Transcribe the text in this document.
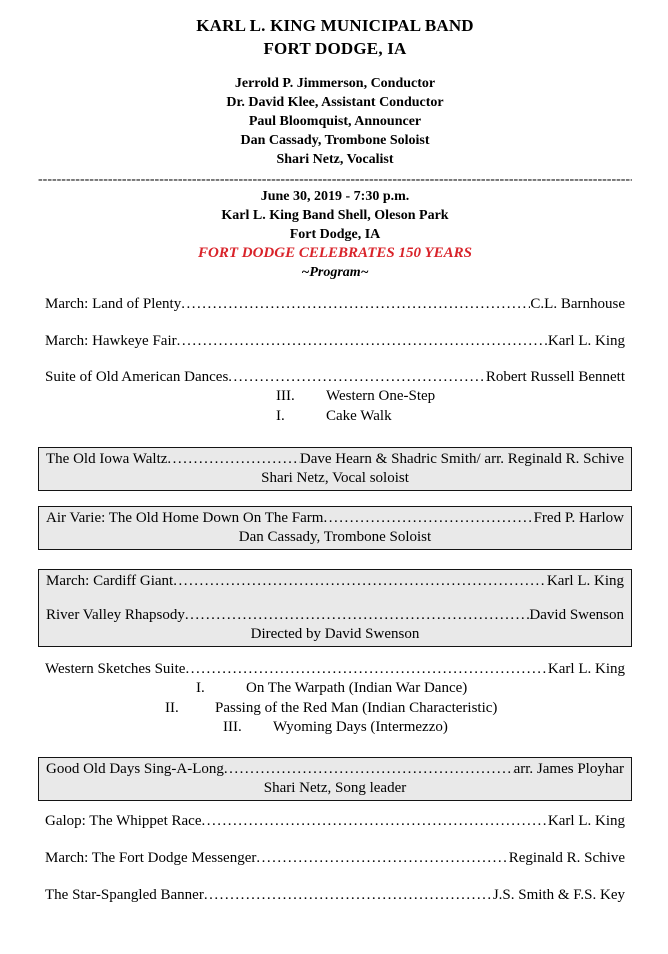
KARL L. KING MUNICIPAL BAND
FORT DODGE, IA
Jerrold P. Jimmerson, Conductor
Dr. David Klee, Assistant Conductor
Paul Bloomquist, Announcer
Dan Cassady, Trombone Soloist
Shari Netz, Vocalist
-----
June 30, 2019 - 7:30 p.m.
Karl L. King Band Shell, Oleson Park
Fort Dodge, IA
FORT DODGE CELEBRATES 150 YEARS
~Program~
March: Land of Plenty .....	C.L. Barnhouse
March: Hawkeye Fair .....	Karl L. King
Suite of Old American Dances .....	Robert Russell Bennett
III. Western One-Step
I.	Cake Walk
The Old Iowa Waltz .....	Dave Hearn & Shadric Smith/ arr. Reginald R. Schive
Shari Netz, Vocal soloist
Air Varie: The Old Home Down On The Farm .....	Fred P. Harlow
Dan Cassady, Trombone Soloist
March: Cardiff Giant .....	Karl L. King
River Valley Rhapsody .....	David Swenson
Directed by David Swenson
Western Sketches Suite .....	Karl L. King
I.	On The Warpath (Indian War Dance)
II. Passing of the Red Man (Indian Characteristic)
III. Wyoming Days (Intermezzo)
Good Old Days Sing-A-Long .....	arr. James Ployhar
Shari Netz, Song leader
Galop: The Whippet Race .....	Karl L. King
March: The Fort Dodge Messenger .....	Reginald R. Schive
The Star-Spangled Banner .....	J.S. Smith & F.S. Key
